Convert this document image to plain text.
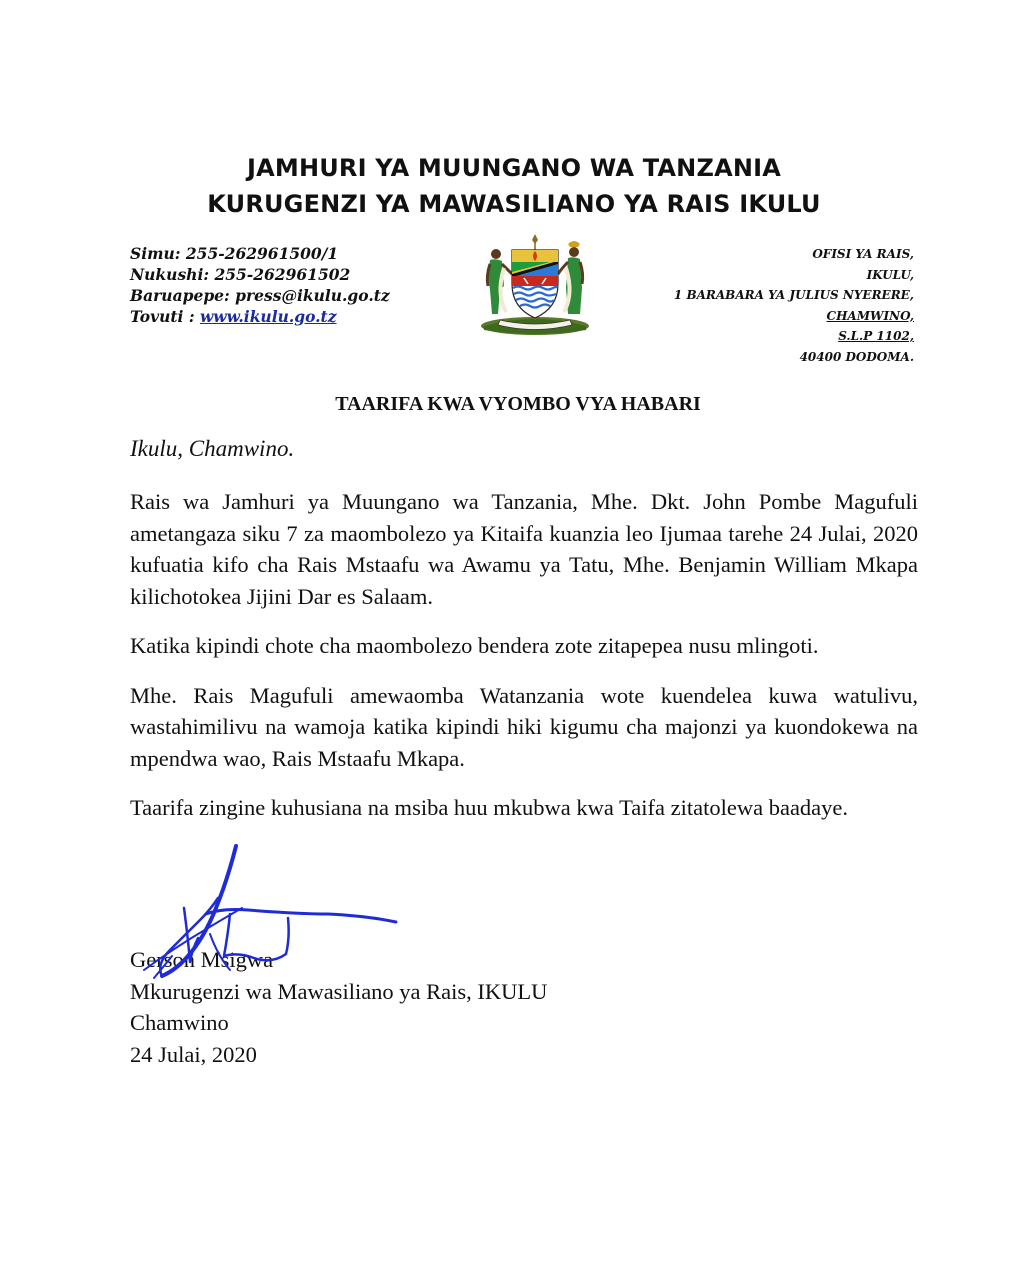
JAMHURI YA MUUNGANO WA TANZANIA
KURUGENZI YA MAWASILIANO YA RAIS IKULU
Simu: 255-262961500/1
Nukushi: 255-262961502
Baruapepe: press@ikulu.go.tz
Tovuti : www.ikulu.go.tz
OFISI YA RAIS,
IKULU,
1 BARABARA YA JULIUS NYERERE,
CHAMWINO,
S.L.P 1102,
40400 DODOMA.
TAARIFA KWA VYOMBO VYA HABARI
Ikulu, Chamwino.

Rais wa Jamhuri ya Muungano wa Tanzania, Mhe. Dkt. John Pombe Magufuli ametangaza siku 7 za maombolezo ya Kitaifa kuanzia leo Ijumaa tarehe 24 Julai, 2020 kufuatia kifo cha Rais Mstaafu wa Awamu ya Tatu, Mhe. Benjamin William Mkapa kilichotokea Jijini Dar es Salaam.

Katika kipindi chote cha maombolezo bendera zote zitapepea nusu mlingoti.

Mhe. Rais Magufuli amewaomba Watanzania wote kuendelea kuwa watulivu, wastahimilivu na wamoja katika kipindi hiki kigumu cha majonzi ya kuondokewa na mpendwa wao, Rais Mstaafu Mkapa.

Taarifa zingine kuhusiana na msiba huu mkubwa kwa Taifa zitatolewa baadaye.

Gerson Msigwa
Mkurugenzi wa Mawasiliano ya Rais, IKULU
Chamwino
24 Julai, 2020
